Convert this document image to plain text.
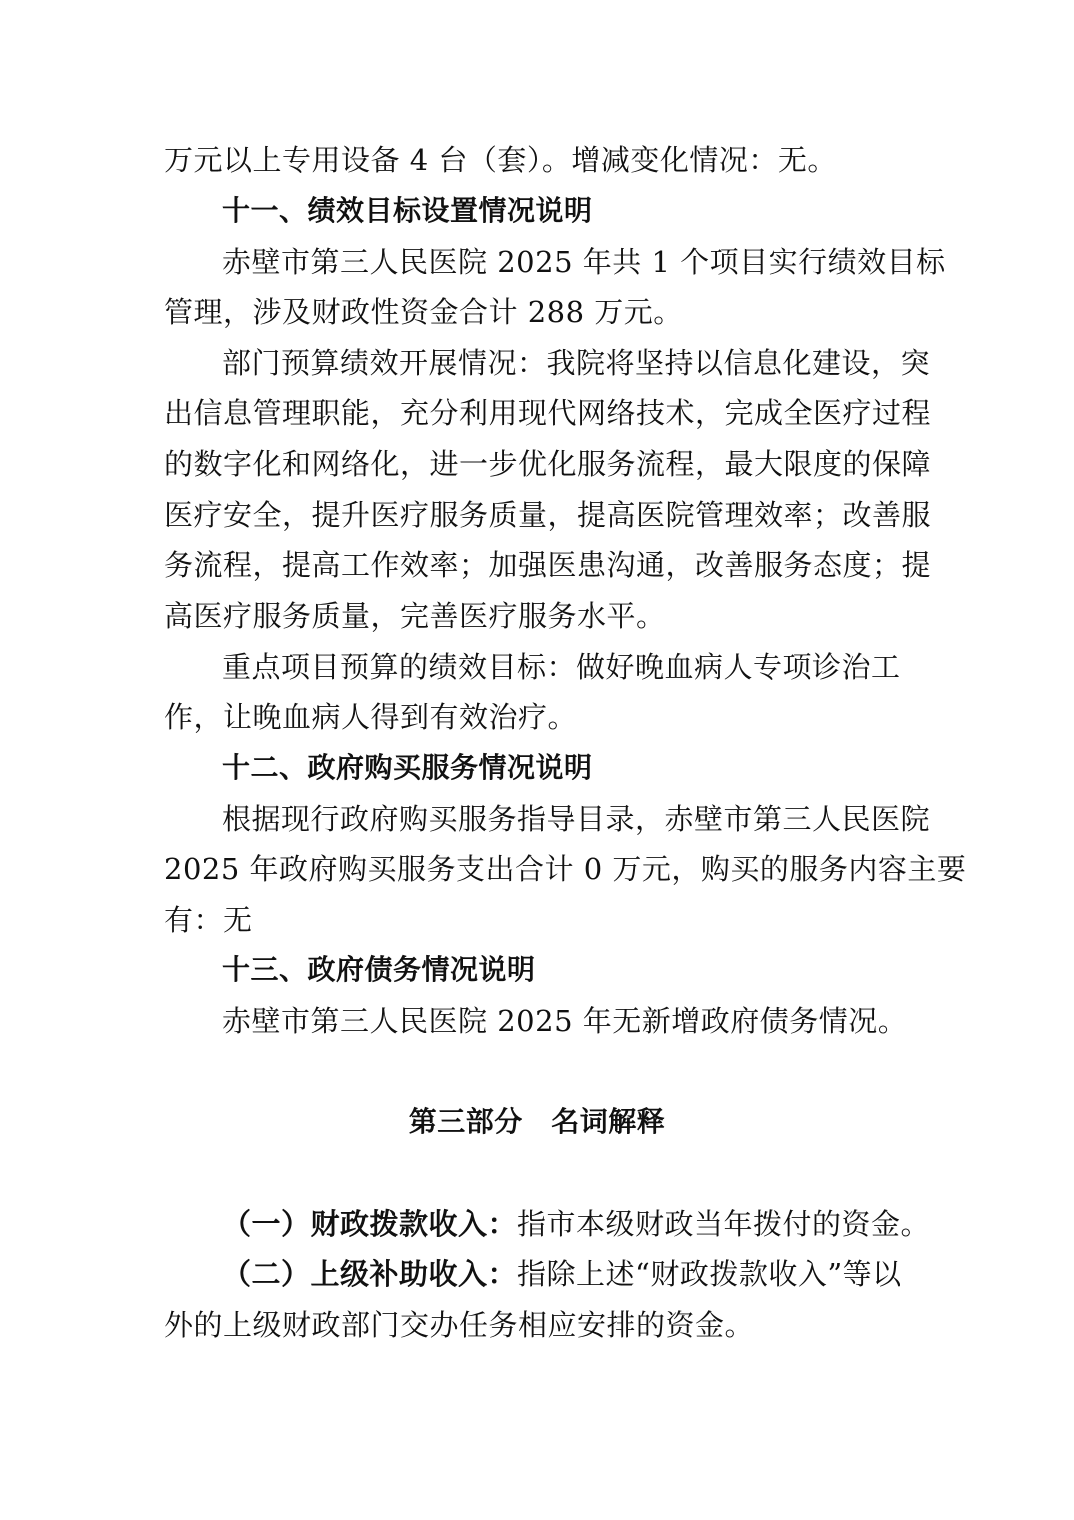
万元以上专用设备 4 台（套）。增减变化情况：无。
十一、绩效目标设置情况说明
赤壁市第三人民医院 2025 年共 1 个项目实行绩效目标
管理，涉及财政性资金合计 288 万元。
部门预算绩效开展情况：我院将坚持以信息化建设，突
出信息管理职能，充分利用现代网络技术，完成全医疗过程
的数字化和网络化，进一步优化服务流程，最大限度的保障
医疗安全，提升医疗服务质量，提高医院管理效率；改善服
务流程，提高工作效率；加强医患沟通，改善服务态度；提
高医疗服务质量，完善医疗服务水平。
重点项目预算的绩效目标：做好晚血病人专项诊治工
作，让晚血病人得到有效治疗。
十二、政府购买服务情况说明
根据现行政府购买服务指导目录，赤壁市第三人民医院
2025 年政府购买服务支出合计 0 万元，购买的服务内容主要
有：无
十三、政府债务情况说明
赤壁市第三人民医院 2025 年无新增政府债务情况。
第三部分　名词解释
（一）财政拨款收入：指市本级财政当年拨付的资金。
（二）上级补助收入：指除上述“财政拨款收入”等以
外的上级财政部门交办任务相应安排的资金。
